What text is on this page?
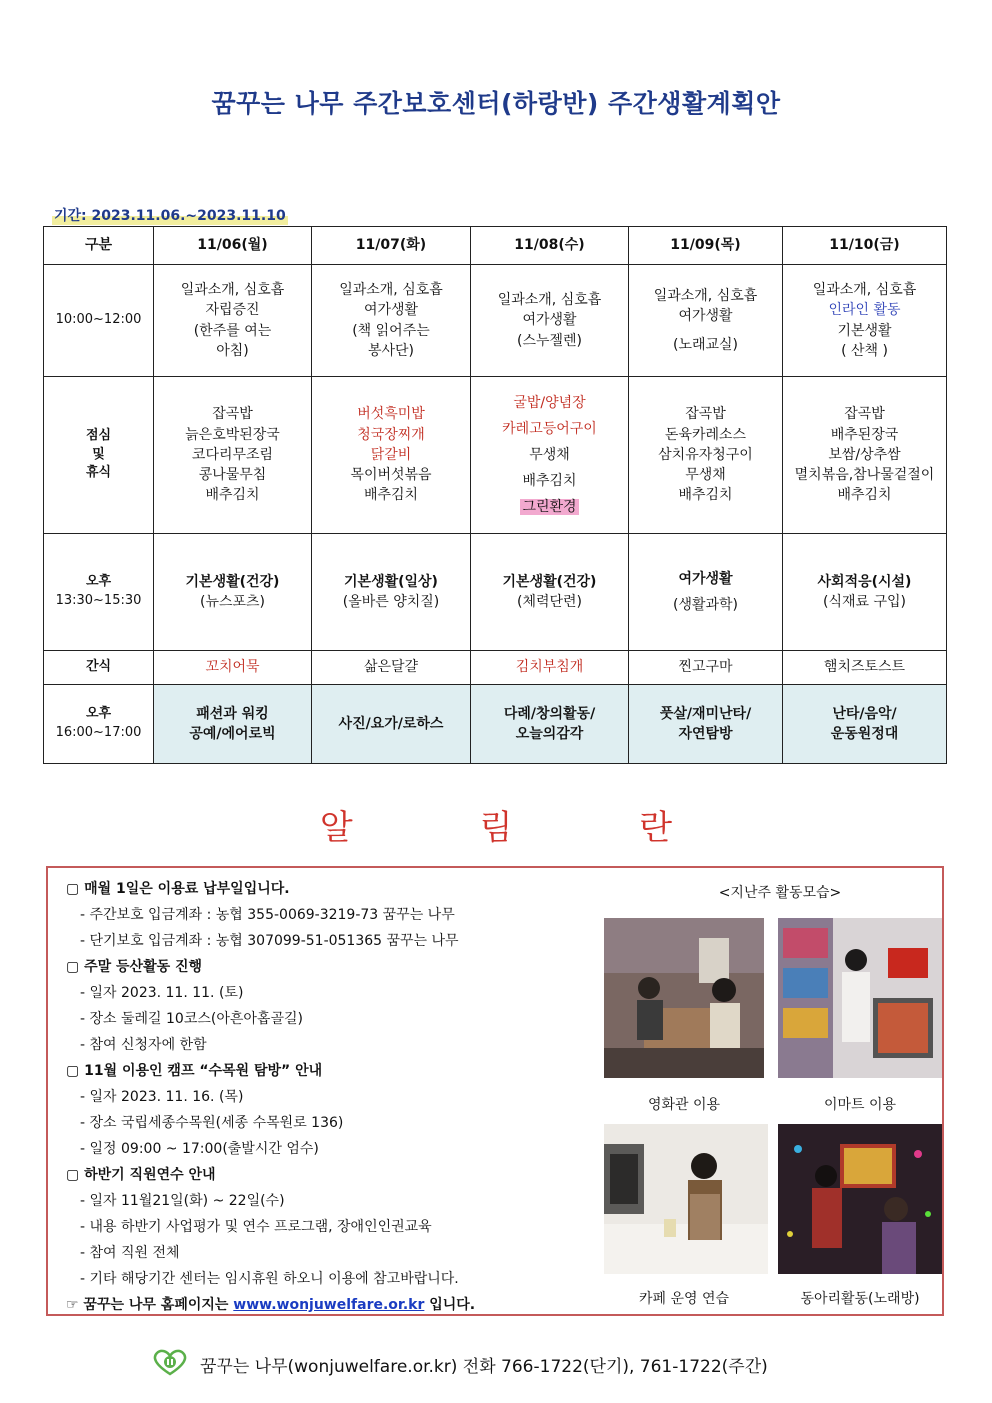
꿈꾸는 나무 주간보호센터(하랑반) 주간생활계획안
기간: 2023.11.06.~2023.11.10
구분	11/06(월)	11/07(화)	11/08(수)	11/09(목)	11/10(금)
10:00~12:00	일과소개, 심호흡
자립증진
(한주를 여는
아침)	일과소개, 심호흡
여가생활
(책 읽어주는
봉사단)	일과소개, 심호흡
여가생활
(스누젤렌)	일과소개, 심호흡
여가생활
(노래교실)	일과소개, 심호흡
인라인 활동
기본생활
( 산책 )

점심
및
휴식	잡곡밥
늙은호박된장국
코다리무조림
콩나물무침
배추김치	버섯흑미밥
청국장찌개
닭갈비
목이버섯볶음
배추김치	굴밥/양념장
카레고등어구이
무생채
배추김치
그린환경	잡곡밥
돈육카레소스
삼치유자청구이
무생채
배추김치	잡곡밥
배추된장국
보쌈/상추쌈
멸치볶음,참나물겉절이
배추김치

오후
13:30~15:30	기본생활(건강)
(뉴스포츠)	기본생활(일상)
(올바른 양치질)	기본생활(건강)
(체력단련)	여가생활
(생활과학)	사회적응(시설)
(식재료 구입)

간식	꼬치어묵	삶은달걀	김치부침개	찐고구마	햄치즈토스트

오후
16:00~17:00	패션과 워킹
공예/에어로빅	사진/요가/로하스	다례/창의활동/
오늘의감각	풋살/재미난타/
자연탐방	난타/음악/
운동원정대
알 림 란
▢ 매월 1일은 이용료 납부일입니다.
- 주간보호 입금계좌 : 농협 355-0069-3219-73 꿈꾸는 나무
- 단기보호 입금계좌 : 농협 307099-51-051365 꿈꾸는 나무
▢ 주말 등산활동 진행
- 일자 2023. 11. 11. (토)
- 장소 둘레길 10코스(아흔아홉골길)
- 참여 신청자에 한함
▢ 11월 이용인 캠프 “수목원 탐방” 안내
- 일자 2023. 11. 16. (목)
- 장소 국립세종수목원(세종 수목원로 136)
- 일정 09:00 ~ 17:00(출발시간 엄수)
▢ 하반기 직원연수 안내
- 일자 11월21일(화) ~ 22일(수)
- 내용 하반기 사업평가 및 연수 프로그램, 장애인인권교육
- 참여 직원 전체
- 기타 해당기간 센터는 임시휴원 하오니 이용에 참고바랍니다.
☞ 꿈꾸는 나무 홈페이지는 www.wonjuwelfare.or.kr 입니다.
<지난주 활동모습>
영화관 이용	이마트 이용
카페 운영 연습	동아리활동(노래방)
꿈꾸는 나무(wonjuwelfare.or.kr) 전화 766-1722(단기), 761-1722(주간)
